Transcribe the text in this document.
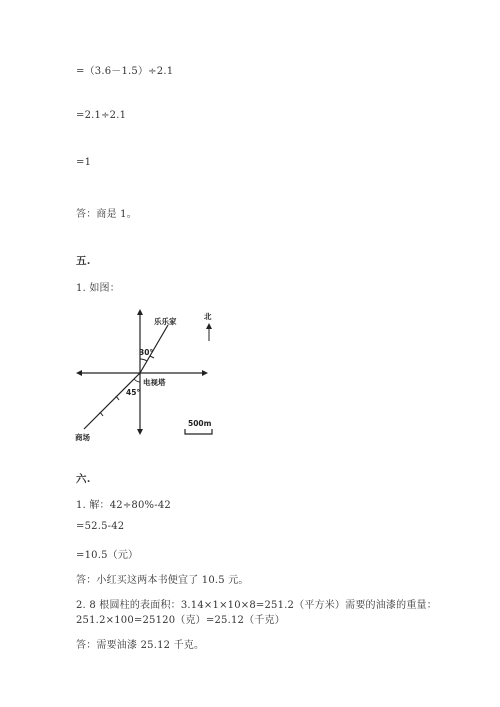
=（3.6－1.5）÷2.1
=2.1÷2.1
=1
答：商是 1。
五.
1. 如图：
乐乐家
北
30°
电视塔
45°
商场
500m
六.
1. 解：42÷80%-42
=52.5-42
=10.5（元）
答：小红买这两本书便宜了 10.5 元。
2. 8 根圆柱的表面积：3.14×1×10×8=251.2（平方米）需要的油漆的重量：
251.2×100=25120（克）=25.12（千克）
答：需要油漆 25.12 千克。
